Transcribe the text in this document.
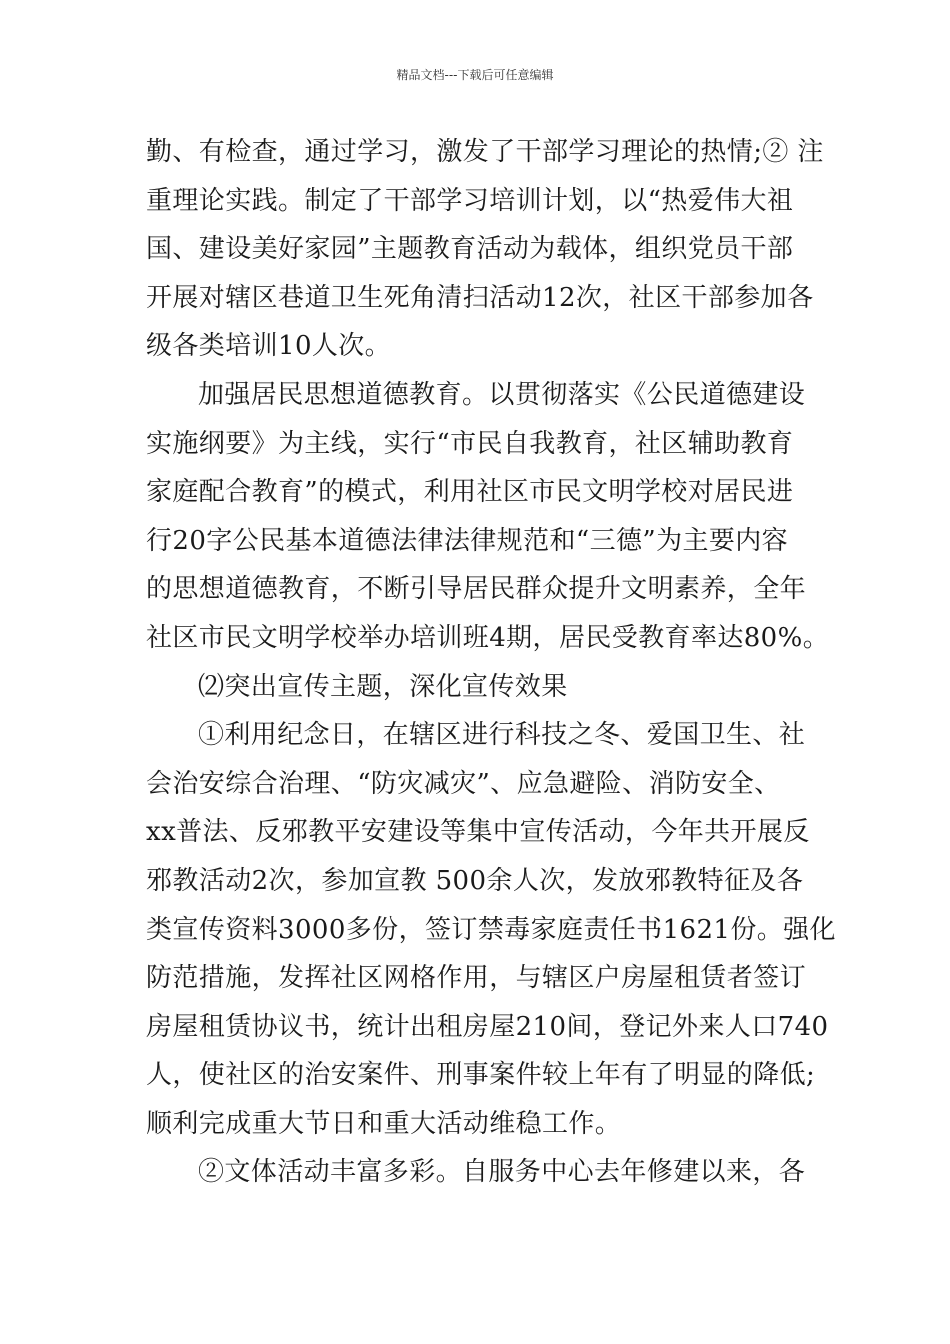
精品文档---下载后可任意编辑
勤、有检查，通过学习，激发了干部学习理论的热情;② 注
重理论实践。制定了干部学习培训计划，以“热爱伟大祖
国、建设美好家园”主题教育活动为载体，组织党员干部
开展对辖区巷道卫生死角清扫活动12次，社区干部参加各
级各类培训10人次。
加强居民思想道德教育。以贯彻落实《公民道德建设
实施纲要》为主线，实行“市民自我教育，社区辅助教育
家庭配合教育”的模式，利用社区市民文明学校对居民进
行20字公民基本道德法律法律规范和“三德”为主要内容
的思想道德教育，不断引导居民群众提升文明素养，全年
社区市民文明学校举办培训班4期，居民受教育率达80%。
⑵突出宣传主题，深化宣传效果
①利用纪念日，在辖区进行科技之冬、爱国卫生、社
会治安综合治理、“防灾减灾”、应急避险、消防安全、
xx普法、反邪教平安建设等集中宣传活动，今年共开展反
邪教活动2次，参加宣教 500余人次，发放邪教特征及各
类宣传资料3000多份，签订禁毒家庭责任书1621份。强化
防范措施，发挥社区网格作用，与辖区户房屋租赁者签订
房屋租赁协议书，统计出租房屋210间，登记外来人口740
人，使社区的治安案件、刑事案件较上年有了明显的降低;
顺利完成重大节日和重大活动维稳工作。
②文体活动丰富多彩。自服务中心去年修建以来，各
